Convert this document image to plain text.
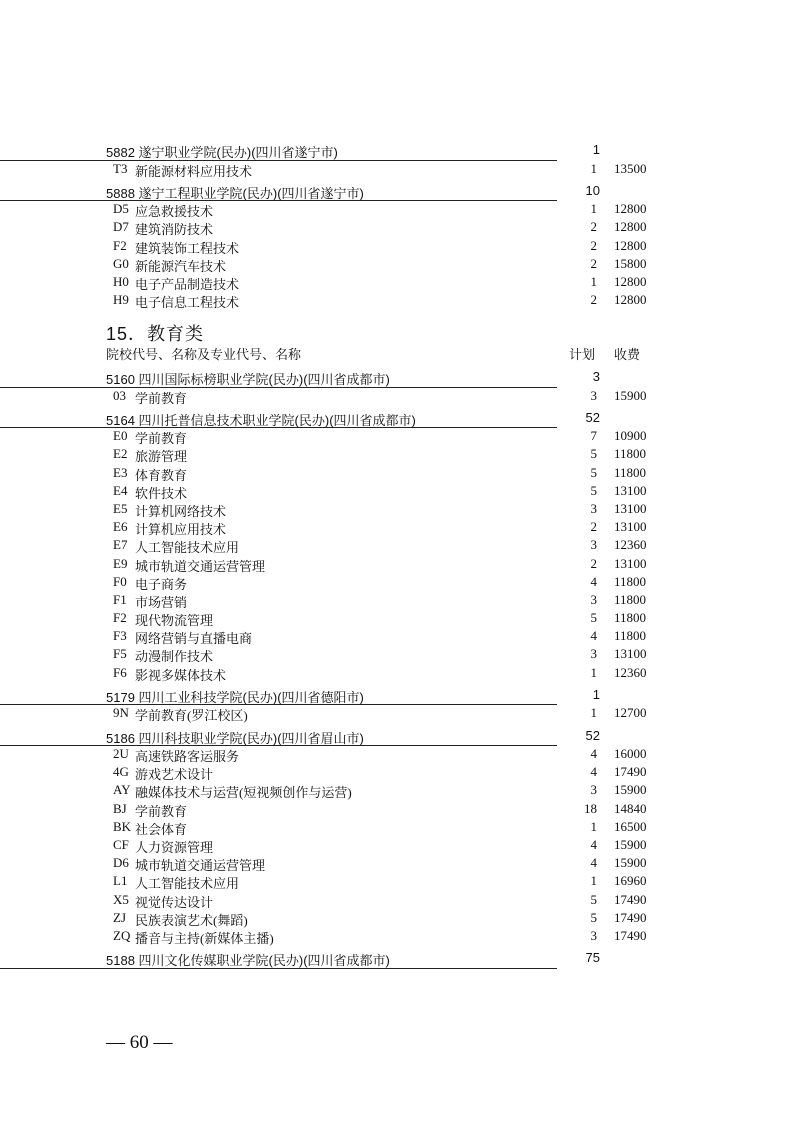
5882 遂宁职业学院(民办)(四川省遂宁市)	1
T3 新能源材料应用技术	1 13500
5888 遂宁工程职业学院(民办)(四川省遂宁市)	10
D5 应急救援技术	1 12800
D7 建筑消防技术	2 12800
F2 建筑装饰工程技术	2 12800
G0 新能源汽车技术	2 15800
H0 电子产品制造技术	1 12800
H9 电子信息工程技术	2 12800
15．教育类
院校代号、名称及专业代号、名称	计划 收费
5160 四川国际标榜职业学院(民办)(四川省成都市)	3
03 学前教育	3 15900
5164 四川托普信息技术职业学院(民办)(四川省成都市)	52
E0 学前教育	7 10900
E2 旅游管理	5 11800
E3 体育教育	5 11800
E4 软件技术	5 13100
E5 计算机网络技术	3 13100
E6 计算机应用技术	2 13100
E7 人工智能技术应用	3 12360
E9 城市轨道交通运营管理	2 13100
F0 电子商务	4 11800
F1 市场营销	3 11800
F2 现代物流管理	5 11800
F3 网络营销与直播电商	4 11800
F5 动漫制作技术	3 13100
F6 影视多媒体技术	1 12360
5179 四川工业科技学院(民办)(四川省德阳市)	1
9N 学前教育(罗江校区)	1 12700
5186 四川科技职业学院(民办)(四川省眉山市)	52
2U 高速铁路客运服务	4 16000
4G 游戏艺术设计	4 17490
AY 融媒体技术与运营(短视频创作与运营)	3 15900
BJ 学前教育	18 14840
BK 社会体育	1 16500
CF 人力资源管理	4 15900
D6 城市轨道交通运营管理	4 15900
L1 人工智能技术应用	1 16960
X5 视觉传达设计	5 17490
ZJ 民族表演艺术(舞蹈)	5 17490
ZQ 播音与主持(新媒体主播)	3 17490
5188 四川文化传媒职业学院(民办)(四川省成都市)	75
— 60 —
